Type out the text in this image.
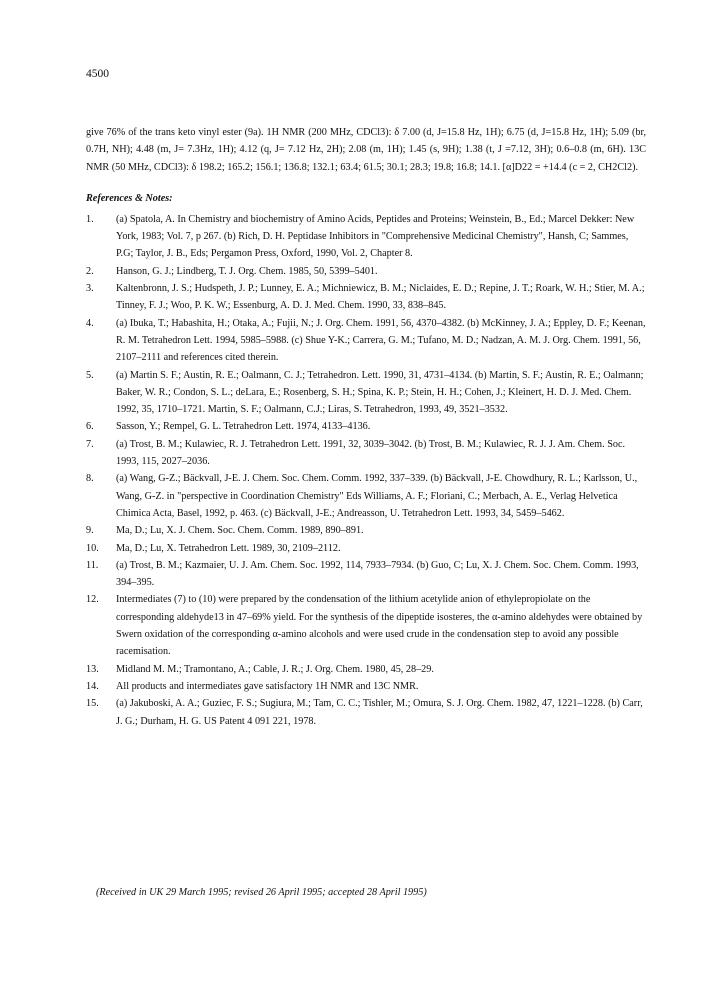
4500

give 76% of the trans keto vinyl ester (9a). 1H NMR (200 MHz, CDCl3): δ 7.00 (d, J=15.8 Hz, 1H); 6.75 (d, J=15.8 Hz, 1H); 5.09 (br, 0.7H, NH); 4.48 (m, J= 7.3Hz, 1H); 4.12 (q, J= 7.12 Hz, 2H); 2.08 (m, 1H); 1.45 (s, 9H); 1.38 (t, J =7.12, 3H); 0.6–0.8 (m, 6H). 13C NMR (50 MHz, CDCl3): δ 198.2; 165.2; 156.1; 136.8; 132.1; 63.4; 61.5; 30.1; 28.3; 19.8; 16.8; 14.1. [α]D22 = +14.4 (c = 2, CH2Cl2).

References & Notes:
1.	(a) Spatola, A. In Chemistry and biochemistry of Amino Acids, Peptides and Proteins; Weinstein, B., Ed.; Marcel Dekker: New York, 1983; Vol. 7, p 267. (b) Rich, D. H. Peptidase Inhibitors in "Comprehensive Medicinal Chemistry", Hansh, C; Sammes, P.G; Taylor, J. B., Eds; Pergamon Press, Oxford, 1990, Vol. 2, Chapter 8.
2.	Hanson, G. J.; Lindberg, T. J. Org. Chem. 1985, 50, 5399–5401.
3.	Kaltenbronn, J. S.; Hudspeth, J. P.; Lunney, E. A.; Michniewicz, B. M.; Niclaides, E. D.; Repine, J. T.; Roark, W. H.; Stier, M. A.; Tinney, F. J.; Woo, P. K. W.; Essenburg, A. D. J. Med. Chem. 1990, 33, 838–845.
4.	(a) Ibuka, T.; Habashita, H.; Otaka, A.; Fujii, N.; J. Org. Chem. 1991, 56, 4370–4382. (b) McKinney, J. A.; Eppley, D. F.; Keenan, R. M. Tetrahedron Lett. 1994, 5985–5988. (c) Shue Y-K.; Carrera, G. M.; Tufano, M. D.; Nadzan, A. M. J. Org. Chem. 1991, 56, 2107–2111 and references cited therein.
5.	(a) Martin S. F.; Austin, R. E.; Oalmann, C. J.; Tetrahedron. Lett. 1990, 31, 4731–4134. (b) Martin, S. F.; Austin, R. E.; Oalmann; Baker, W. R.; Condon, S. L.; deLara, E.; Rosenberg, S. H.; Spina, K. P.; Stein, H. H.; Cohen, J.; Kleinert, H. D. J. Med. Chem. 1992, 35, 1710–1721. Martin, S. F.; Oalmann, C.J.; Liras, S. Tetrahedron, 1993, 49, 3521–3532.
6.	Sasson, Y.; Rempel, G. L. Tetrahedron Lett. 1974, 4133–4136.
7.	(a) Trost, B. M.; Kulawiec, R. J. Tetrahedron Lett. 1991, 32, 3039–3042. (b) Trost, B. M.; Kulawiec, R. J. J. Am. Chem. Soc. 1993, 115, 2027–2036.
8.	(a) Wang, G-Z.; Bäckvall, J-E. J. Chem. Soc. Chem. Comm. 1992, 337–339. (b) Bäckvall, J-E. Chowdhury, R. L.; Karlsson, U., Wang, G-Z. in "perspective in Coordination Chemistry" Eds Williams, A. F.; Floriani, C.; Merbach, A. E., Verlag Helvetica Chimica Acta, Basel, 1992, p. 463. (c) Bäckvall, J-E.; Andreasson, U. Tetrahedron Lett. 1993, 34, 5459–5462.
9.	Ma, D.; Lu, X. J. Chem. Soc. Chem. Comm. 1989, 890–891.
10.	Ma, D.; Lu, X. Tetrahedron Lett. 1989, 30, 2109–2112.
11.	(a) Trost, B. M.; Kazmaier, U. J. Am. Chem. Soc. 1992, 114, 7933–7934. (b) Guo, C; Lu, X. J. Chem. Soc. Chem. Comm. 1993, 394–395.
12.	Intermediates (7) to (10) were prepared by the condensation of the lithium acetylide anion of ethylepropiolate on the corresponding aldehyde13 in 47–69% yield. For the synthesis of the dipeptide isosteres, the α-amino aldehydes were obtained by Swern oxidation of the corresponding α-amino alcohols and were used crude in the condensation step to avoid any possible racemisation.
13.	Midland M. M.; Tramontano, A.; Cable, J. R.; J. Org. Chem. 1980, 45, 28–29.
14.	All products and intermediates gave satisfactory 1H NMR and 13C NMR.
15.	(a) Jakuboski, A. A.; Guziec, F. S.; Sugiura, M.; Tam, C. C.; Tishler, M.; Omura, S. J. Org. Chem. 1982, 47, 1221–1228. (b) Carr, J. G.; Durham, H. G. US Patent 4 091 221, 1978.
(Received in UK 29 March 1995; revised 26 April 1995; accepted 28 April 1995)
